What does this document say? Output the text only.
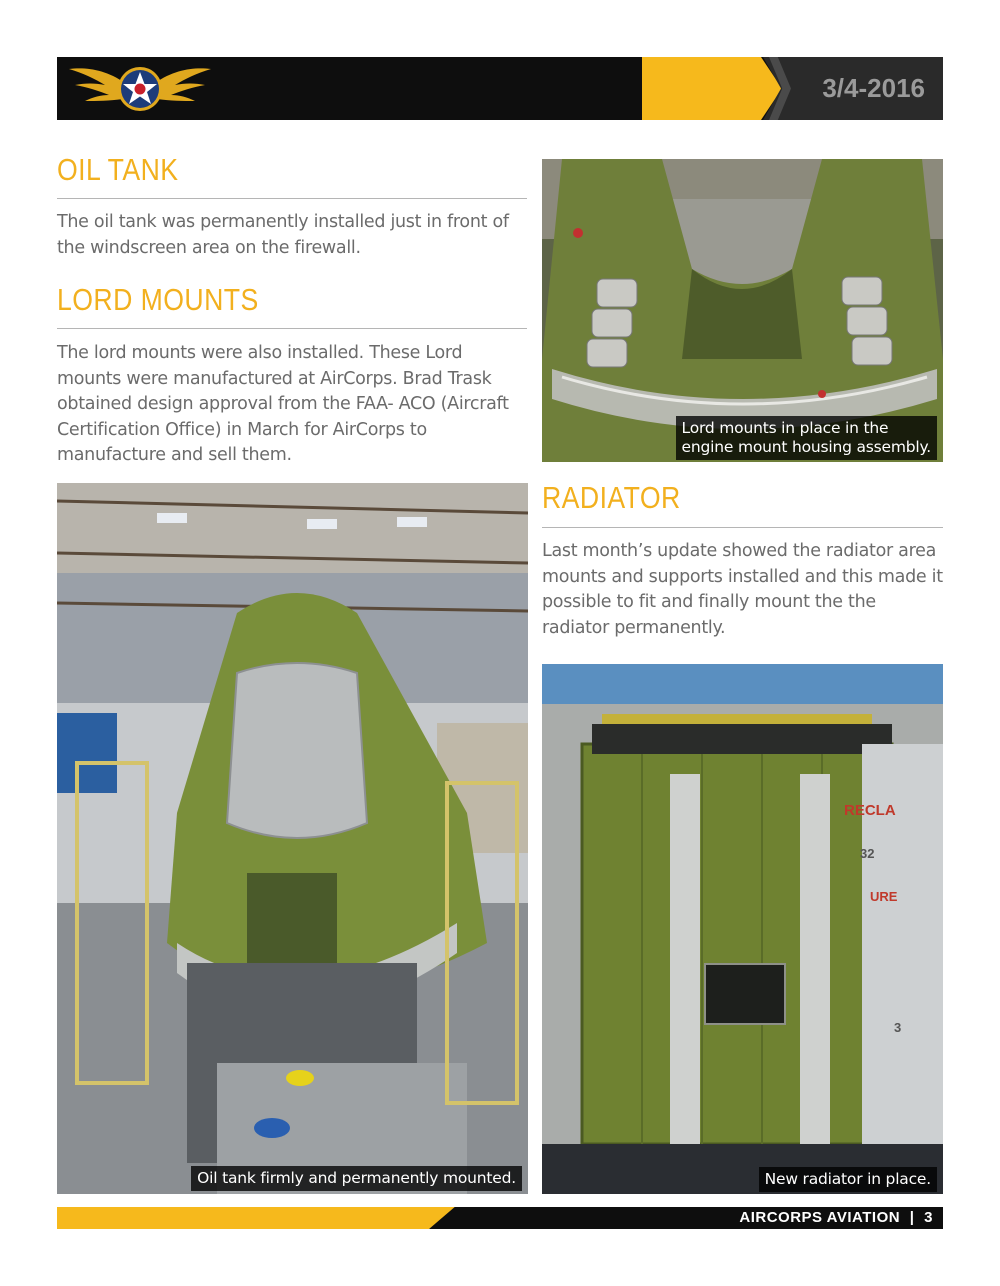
3/4-2016
OIL TANK
The oil tank was permanently installed just in front of the windscreen area on the firewall.
LORD MOUNTS
The lord mounts were also installed. These Lord mounts were manufactured at AirCorps. Brad Trask obtained design approval from the FAA- ACO (Aircraft Certification Office) in March for AirCorps to manufacture and sell them.
RADIATOR
Last month’s update showed the radiator area mounts and supports installed and this made it possible to fit and finally mount the the radiator permanently.
Lord mounts in place in the
engine mount housing assembly.
Oil tank firmly and permanently mounted.
RECLA
32
URE
3
New radiator in place.
AIRCORPS AVIATION | 3
